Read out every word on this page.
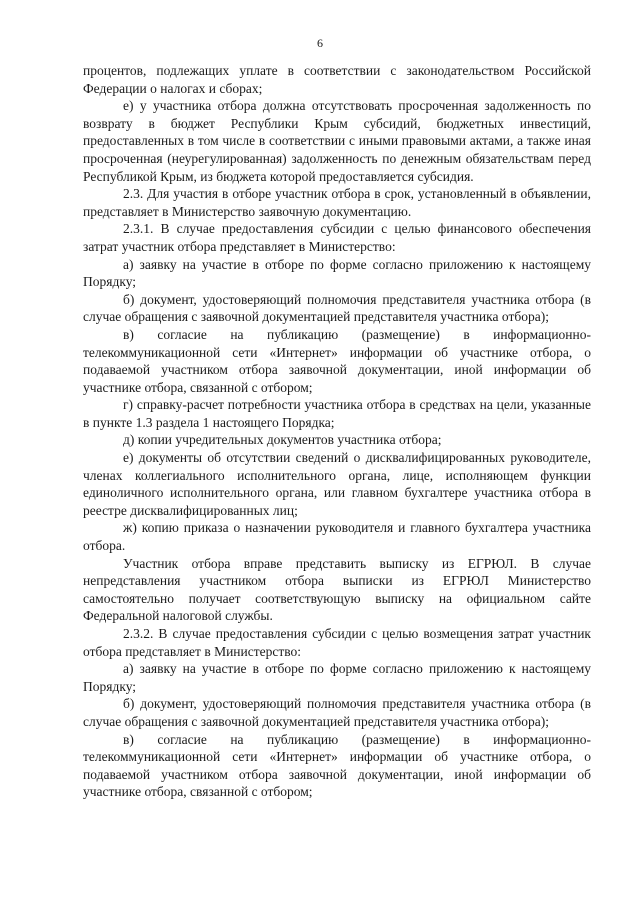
6

процентов, подлежащих уплате в соответствии с законодательством Российской Федерации о налогах и сборах;

е) у участника отбора должна отсутствовать просроченная задолженность по возврату в бюджет Республики Крым субсидий, бюджетных инвестиций, предоставленных в том числе в соответствии с иными правовыми актами, а также иная просроченная (неурегулированная) задолженность по денежным обязательствам перед Республикой Крым, из бюджета которой предоставляется субсидия.

2.3. Для участия в отборе участник отбора в срок, установленный в объявлении, представляет в Министерство заявочную документацию.

2.3.1. В случае предоставления субсидии с целью финансового обеспечения затрат участник отбора представляет в Министерство:

а) заявку на участие в отборе по форме согласно приложению к настоящему Порядку;

б) документ, удостоверяющий полномочия представителя участника отбора (в случае обращения с заявочной документацией представителя участника отбора);

в) согласие на публикацию (размещение) в информационно-телекоммуникационной сети «Интернет» информации об участнике отбора, о подаваемой участником отбора заявочной документации, иной информации об участнике отбора, связанной с отбором;

г) справку-расчет потребности участника отбора в средствах на цели, указанные в пункте 1.3 раздела 1 настоящего Порядка;

д) копии учредительных документов участника отбора;

е) документы об отсутствии сведений о дисквалифицированных руководителе, членах коллегиального исполнительного органа, лице, исполняющем функции единоличного исполнительного органа, или главном бухгалтере участника отбора в реестре дисквалифицированных лиц;

ж) копию приказа о назначении руководителя и главного бухгалтера участника отбора.

Участник отбора вправе представить выписку из ЕГРЮЛ. В случае непредставления участником отбора выписки из ЕГРЮЛ Министерство самостоятельно получает соответствующую выписку на официальном сайте Федеральной налоговой службы.

2.3.2. В случае предоставления субсидии с целью возмещения затрат участник отбора представляет в Министерство:

а) заявку на участие в отборе по форме согласно приложению к настоящему Порядку;

б) документ, удостоверяющий полномочия представителя участника отбора (в случае обращения с заявочной документацией представителя участника отбора);

в) согласие на публикацию (размещение) в информационно-телекоммуникационной сети «Интернет» информации об участнике отбора, о подаваемой участником отбора заявочной документации, иной информации об участнике отбора, связанной с отбором;
